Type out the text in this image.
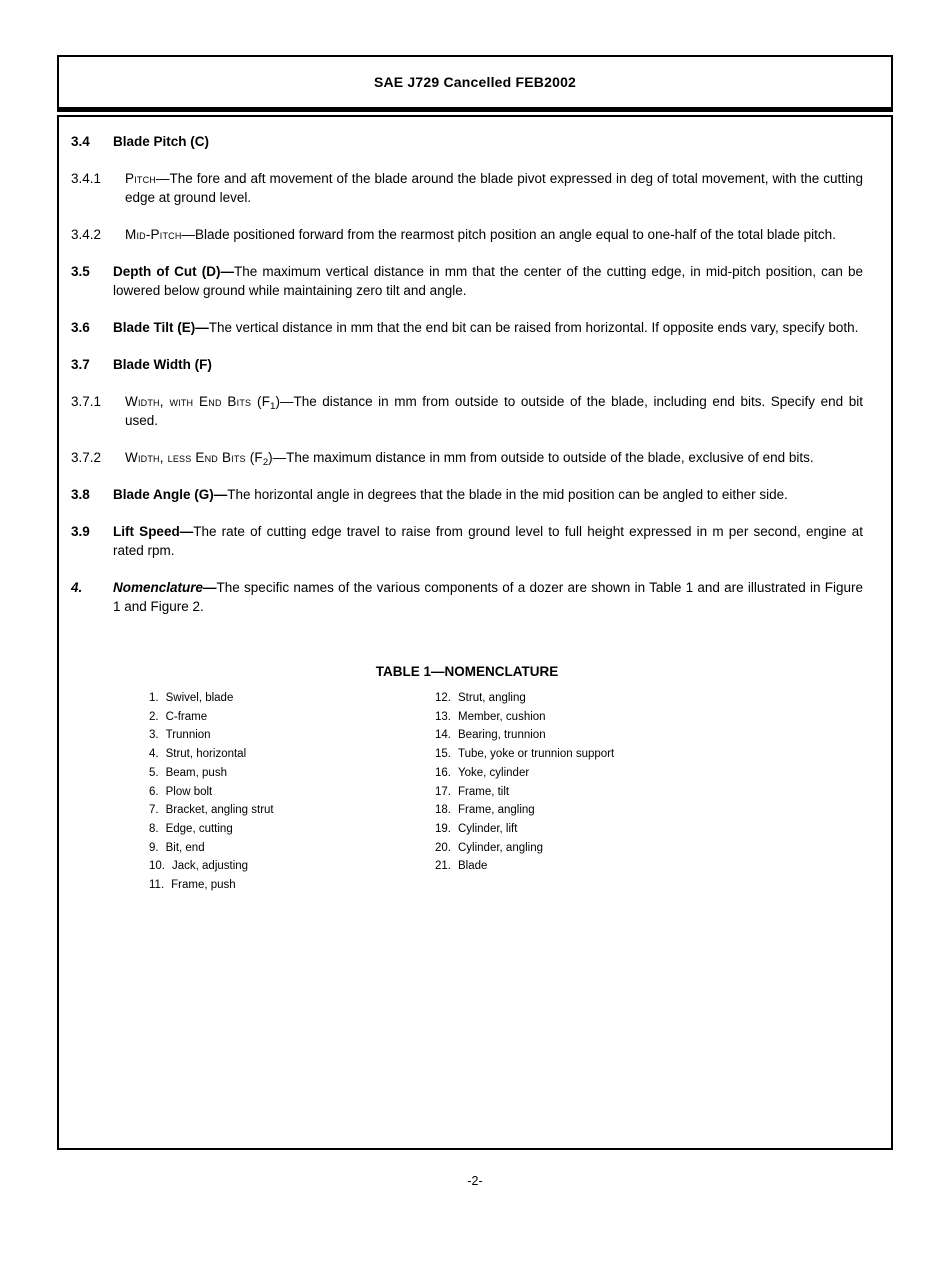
SAE J729 Cancelled FEB2002
3.4	Blade Pitch (C)
3.4.1	Pitch—The fore and aft movement of the blade around the blade pivot expressed in deg of total movement, with the cutting edge at ground level.
3.4.2	Mid-Pitch—Blade positioned forward from the rearmost pitch position an angle equal to one-half of the total blade pitch.
3.5	Depth of Cut (D)—The maximum vertical distance in mm that the center of the cutting edge, in mid-pitch position, can be lowered below ground while maintaining zero tilt and angle.
3.6	Blade Tilt (E)—The vertical distance in mm that the end bit can be raised from horizontal. If opposite ends vary, specify both.
3.7	Blade Width (F)
3.7.1	Width, with End Bits $(F_1)—The$ distance in mm from outside to outside of the blade, including end bits. Specify end bit used.
3.7.2	Width, less End Bits $(F_2)—The$ maximum distance in mm from outside to outside of the blade, exclusive of end bits.
3.8	Blade Angle (G)—The horizontal angle in degrees that the blade in the mid position can be angled to either side.
3.9	Lift Speed—The rate of cutting edge travel to raise from ground level to full height expressed in m per second, engine at rated rpm.
4.	Nomenclature—The specific names of the various components of a dozer are shown in Table 1 and are illustrated in Figure 1 and Figure 2.
TABLE 1—NOMENCLATURE
1. Swivel, blade
2. C-frame
3. Trunnion
4. Strut, horizontal
5. Beam, push
6. Plow bolt
7. Bracket, angling strut
8. Edge, cutting
9. Bit, end
10. Jack, adjusting
11. Frame, push
12. Strut, angling
13. Member, cushion
14. Bearing, trunnion
15. Tube, yoke or trunnion support
16. Yoke, cylinder
17. Frame, tilt
18. Frame, angling
19. Cylinder, lift
20. Cylinder, angling
21. Blade
-2-
